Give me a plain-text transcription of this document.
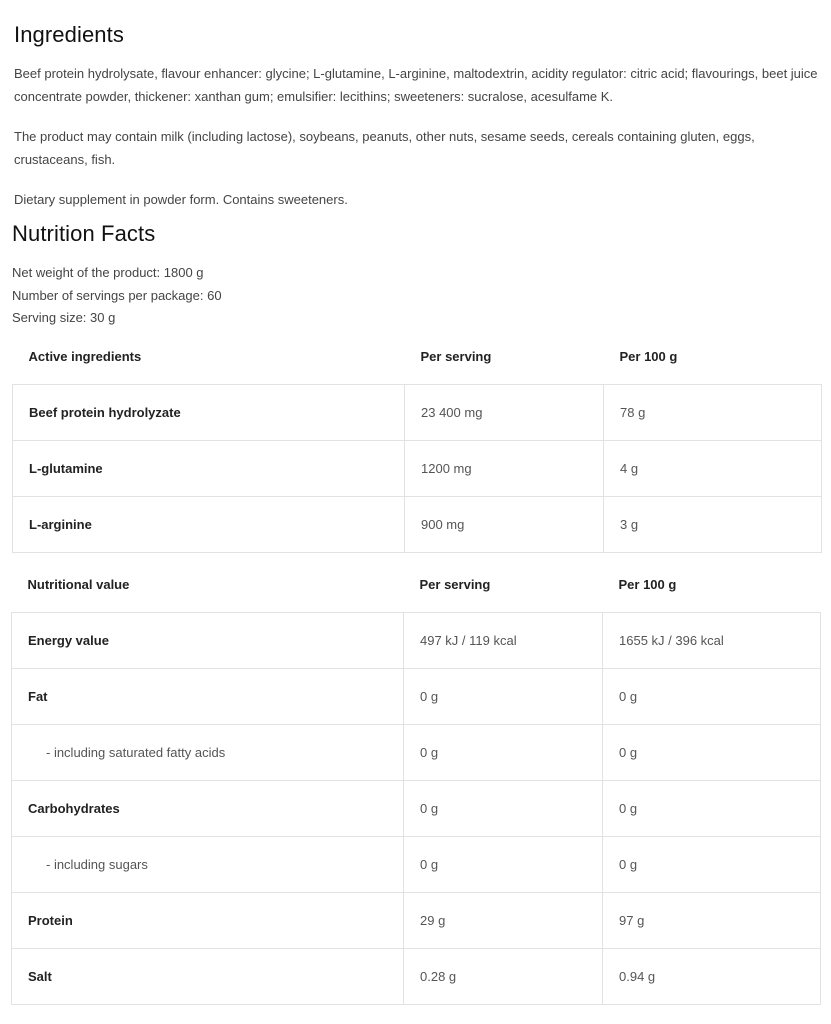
Ingredients

Beef protein hydrolysate, flavour enhancer: glycine; L-glutamine, L-arginine, maltodextrin, acidity regulator: citric acid; flavourings, beet juice concentrate powder, thickener: xanthan gum; emulsifier: lecithins; sweeteners: sucralose, acesulfame K.

The product may contain milk (including lactose), soybeans, peanuts, other nuts, sesame seeds, cereals containing gluten, eggs, crustaceans, fish.

Dietary supplement in powder form. Contains sweeteners.

Nutrition Facts
Net weight of the product: 1800 g
Number of servings per package: 60
Serving size: 30 g
Active ingredients	Per serving	Per 100 g
Beef protein hydrolyzate	23 400 mg	78 g
L-glutamine	1200 mg	4 g
L-arginine	900 mg	3 g
Nutritional value	Per serving	Per 100 g
Energy value	497 kJ / 119 kcal	1655 kJ / 396 kcal
Fat	0 g	0 g
- including saturated fatty acids	0 g	0 g
Carbohydrates	0 g	0 g
- including sugars	0 g	0 g
Protein	29 g	97 g
Salt	0.28 g	0.94 g
